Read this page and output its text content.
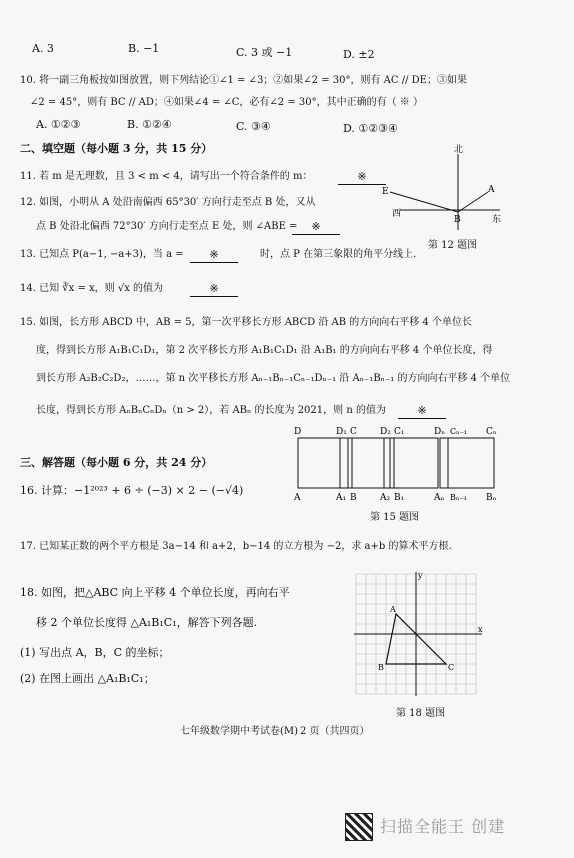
A. 3	B. −1	C. 3 或 −1	D. ±2
10. 将一副三角板按如图放置，则下列结论①∠1 = ∠3；②如果∠2 = 30°，则有 AC // DE；③如果
∠2 = 45°，则有 BC // AD；④如果∠4 = ∠C，必有∠2 = 30°，其中正确的有（ ※ ）
A. ①②③	B. ①②④	C. ③④	D. ①②③④
二、填空题（每小题 3 分，共 15 分）
11. 若 m 是无理数，且 3 < m < 4，请写出一个符合条件的 m：	※
12. 如图，小明从 A 处沿南偏西 65°30′ 方向行走至点 B 处，又从
点 B 处沿北偏西 72°30′ 方向行走至点 E 处，则 ∠ABE =	※
北
E	A
西
B	东
第 12 题图
13. 已知点 P(a−1, −a+3)，当 a =	※	时，点 P 在第三象限的角平分线上.
14. 已知 ∛x = x，则 √x 的值为	※
15. 如图，长方形 ABCD 中，AB = 5，第一次平移长方形 ABCD 沿 AB 的方向向右平移 4 个单位长
度，得到长方形 A₁B₁C₁D₁，第 2 次平移长方形 A₁B₁C₁D₁ 沿 A₁B₁ 的方向向右平移 4 个单位长度，得
到长方形 A₂B₂C₂D₂，……，第 n 次平移长方形 Aₙ₋₁Bₙ₋₁Cₙ₋₁Dₙ₋₁ 沿 Aₙ₋₁Bₙ₋₁ 的方向向右平移 4 个单位
长度，得到长方形 AₙBₙCₙDₙ（n > 2），若 ABₙ 的长度为 2021，则 n 的值为	※
D	D₁ C	D₂ C₁	Dₙ Cₙ₋₁ Cₙ
A	A₁ B	A₂ B₁	Aₙ Bₙ₋₁ Bₙ
第 15 题图
三、解答题（每小题 6 分，共 24 分）
16. 计算：−1²⁰²³ + 6 ÷ (−3) × 2 − (−√4)
17. 已知某正数的两个平方根是 3a−14 和 a+2，b−14 的立方根为 −2，求 a+b 的算术平方根.
18. 如图，把△ABC 向上平移 4 个单位长度，再向右平
移 2 个单位长度得 △A₁B₁C₁，解答下列各题.
(1) 写出点 A，B，C 的坐标；
(2) 在图上画出 △A₁B₁C₁；
x
y
A
B	C
第 18 题图
七年级数学期中考试卷(M) 2 页（共四页）
扫描全能王 创建
